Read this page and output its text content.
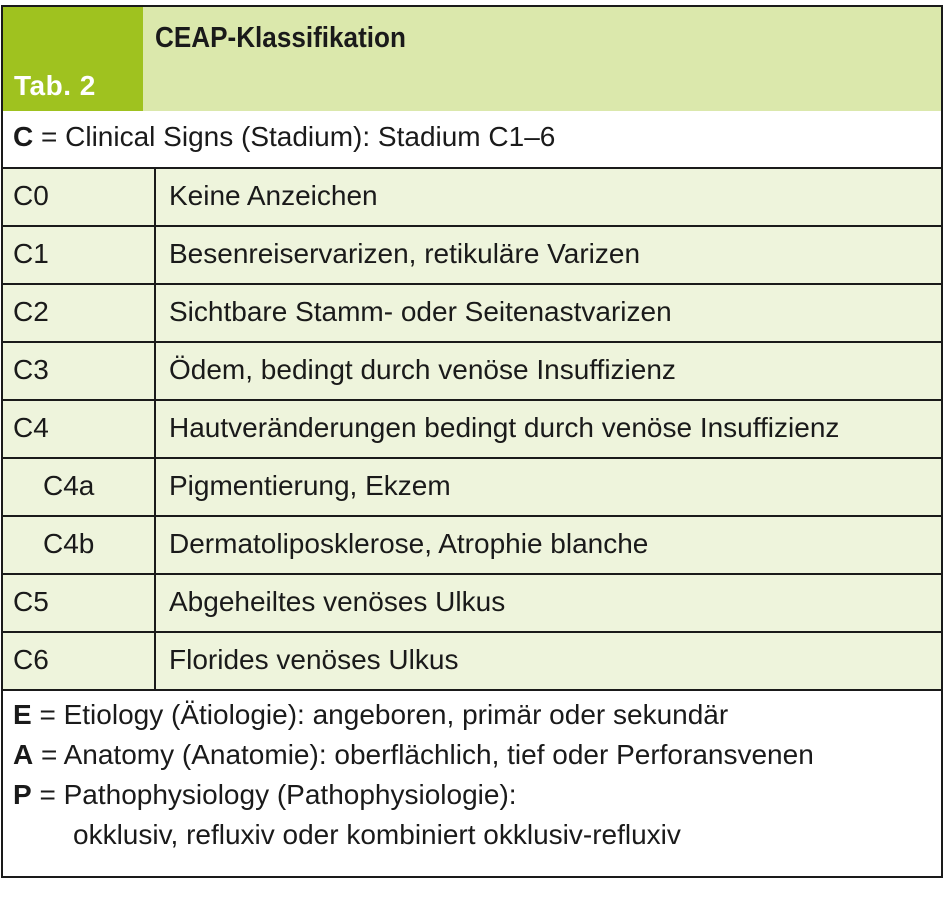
Tab. 2
CEAP-Klassifikation
C = Clinical Signs (Stadium): Stadium C1–6
C0	Keine Anzeichen
C1	Besenreiservarizen, retikuläre Varizen
C2	Sichtbare Stamm- oder Seitenastvarizen
C3	Ödem, bedingt durch venöse Insuffizienz
C4	Hautveränderungen bedingt durch venöse Insuffizienz
C4a	Pigmentierung, Ekzem
C4b	Dermatoliposklerose, Atrophie blanche
C5	Abgeheiltes venöses Ulkus
C6	Florides venöses Ulkus
E = Etiology (Ätiologie): angeboren, primär oder sekundär
A = Anatomy (Anatomie): oberflächlich, tief oder Perforansvenen
P = Pathophysiology (Pathophysiologie):
okklusiv, refluxiv oder kombiniert okklusiv-refluxiv
